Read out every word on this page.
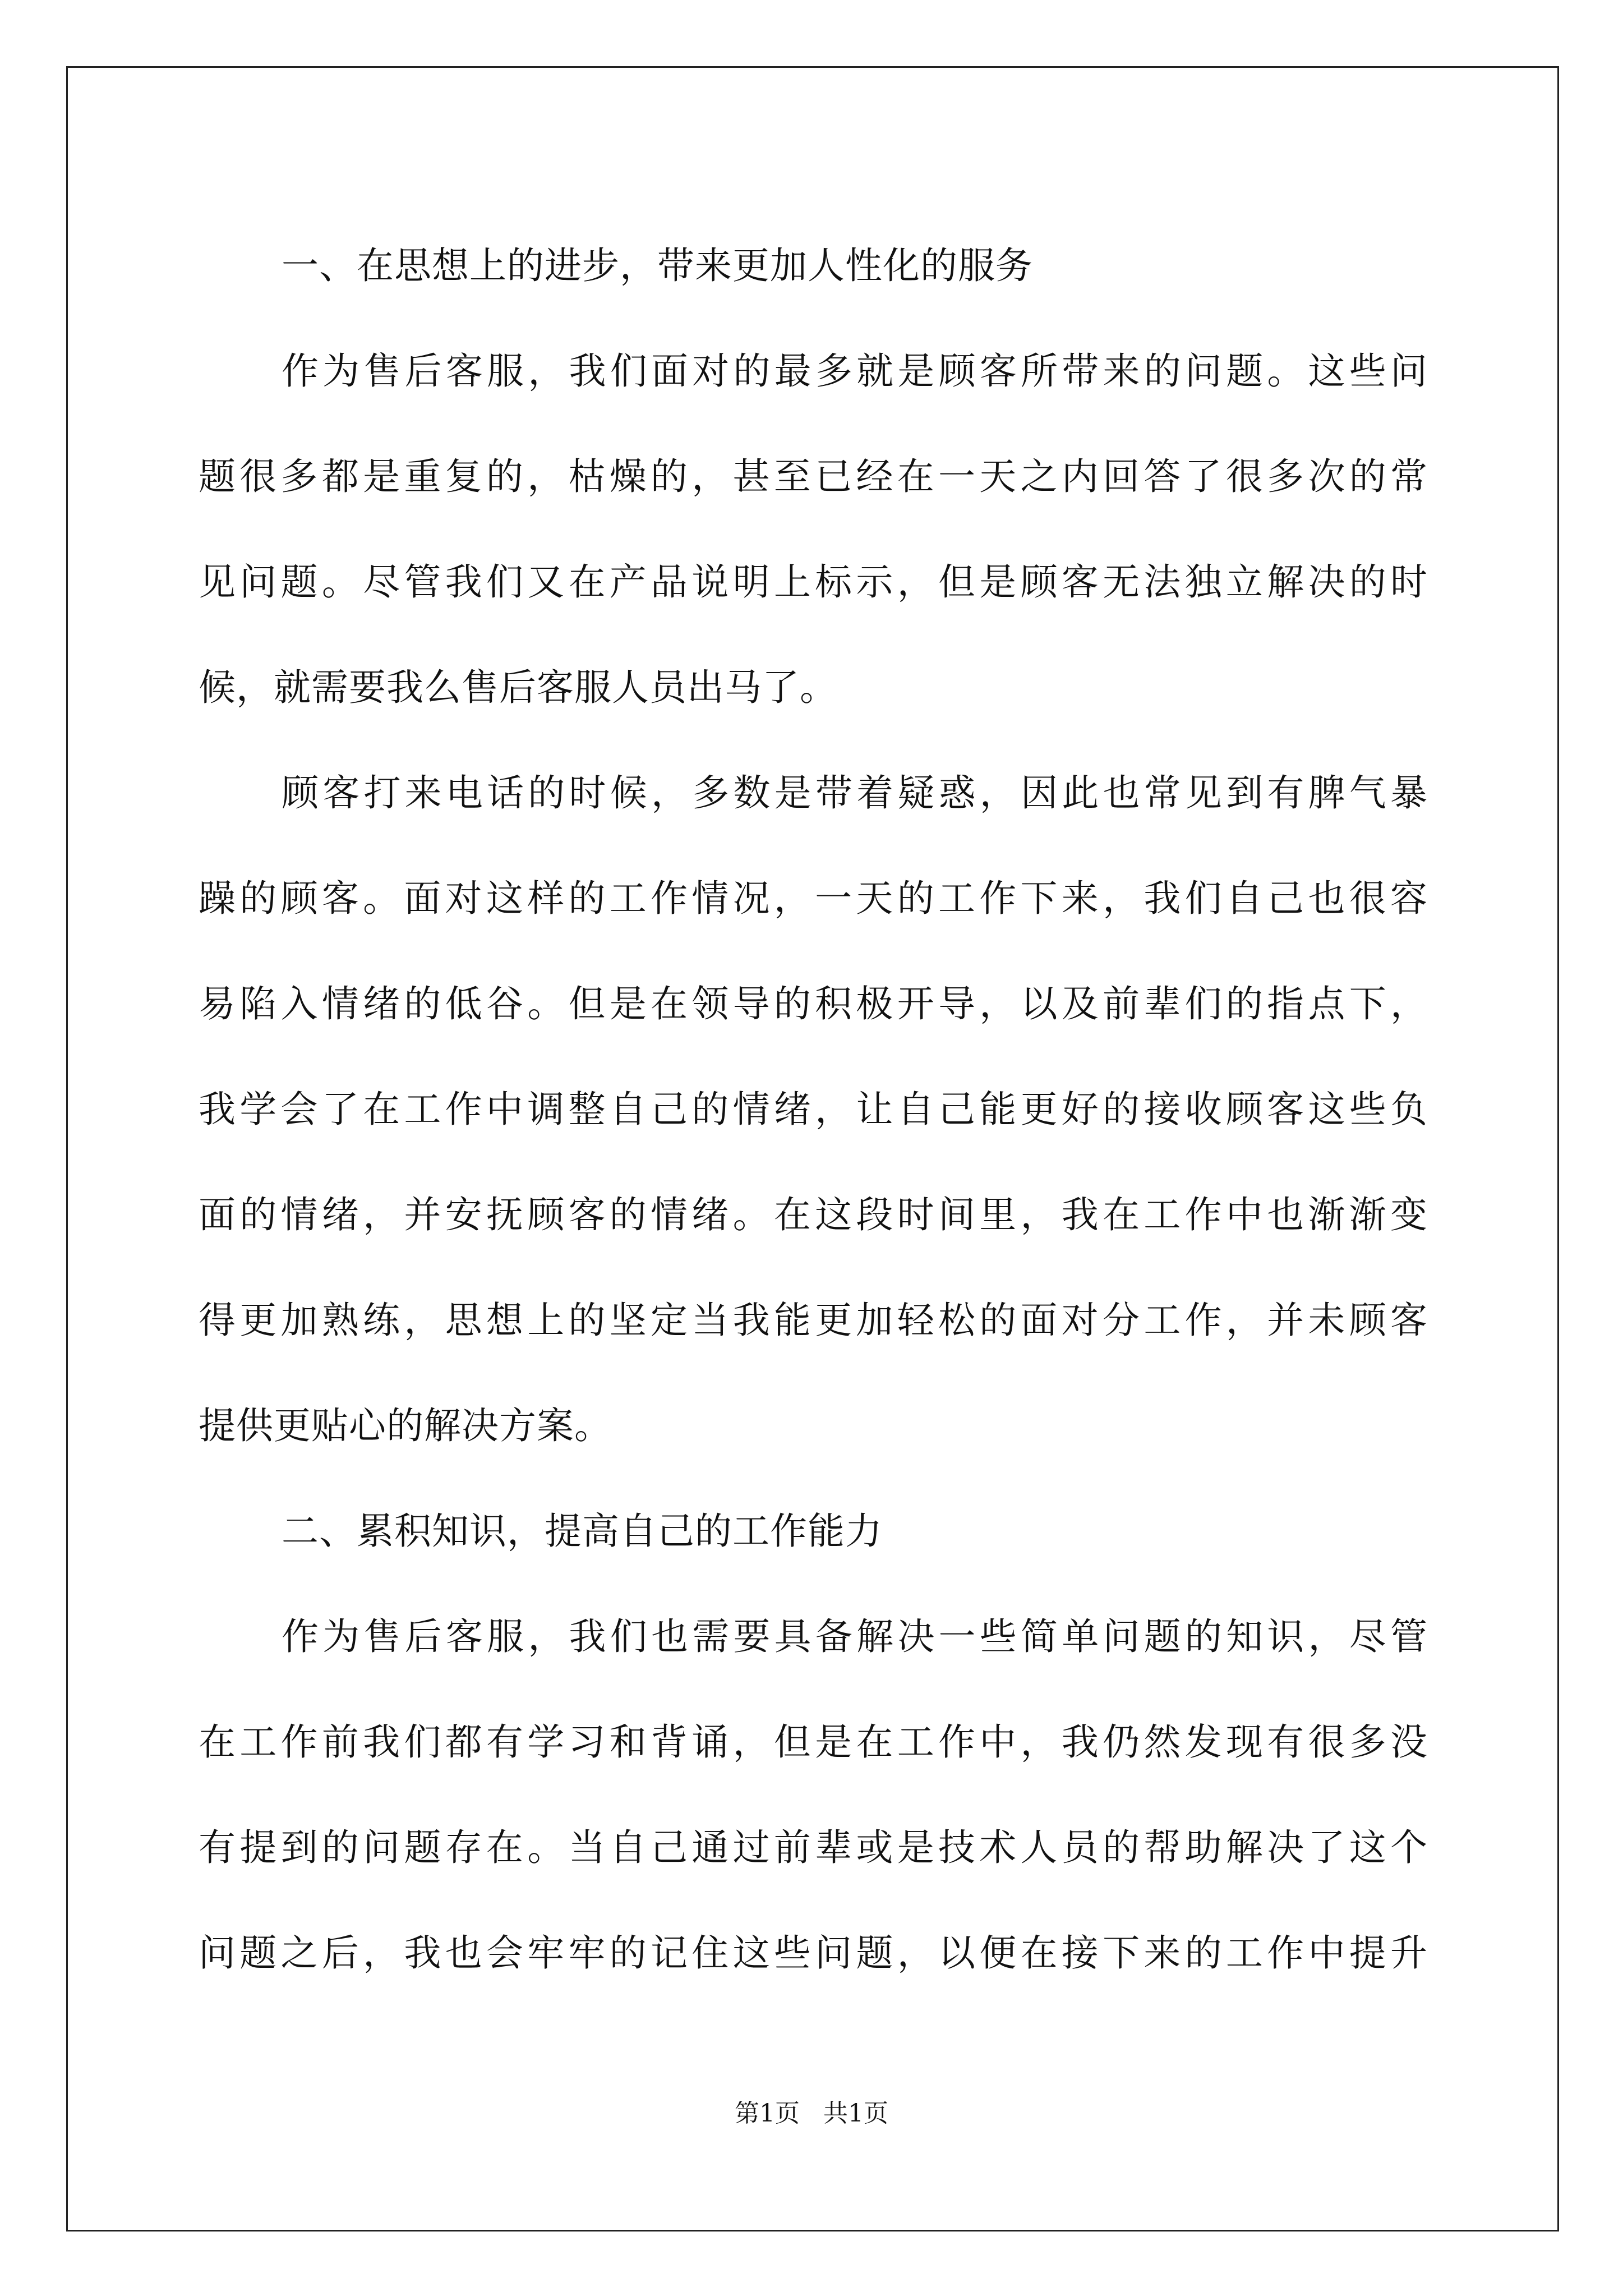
一、在思想上的进步，带来更加人性化的服务
作为售后客服，我们面对的最多就是顾客所带来的问题。这些问
题很多都是重复的，枯燥的，甚至已经在一天之内回答了很多次的常
见问题。尽管我们又在产品说明上标示，但是顾客无法独立解决的时
候，就需要我么售后客服人员出马了。
顾客打来电话的时候，多数是带着疑惑，因此也常见到有脾气暴
躁的顾客。面对这样的工作情况，一天的工作下来，我们自己也很容
易陷入情绪的低谷。但是在领导的积极开导，以及前辈们的指点下，
我学会了在工作中调整自己的情绪，让自己能更好的接收顾客这些负
面的情绪，并安抚顾客的情绪。在这段时间里，我在工作中也渐渐变
得更加熟练，思想上的坚定当我能更加轻松的面对分工作，并未顾客
提供更贴心的解决方案。
二、累积知识，提高自己的工作能力
作为售后客服，我们也需要具备解决一些简单问题的知识，尽管
在工作前我们都有学习和背诵，但是在工作中，我仍然发现有很多没
有提到的问题存在。当自己通过前辈或是技术人员的帮助解决了这个
问题之后，我也会牢牢的记住这些问题，以便在接下来的工作中提升
第1页   共1页
